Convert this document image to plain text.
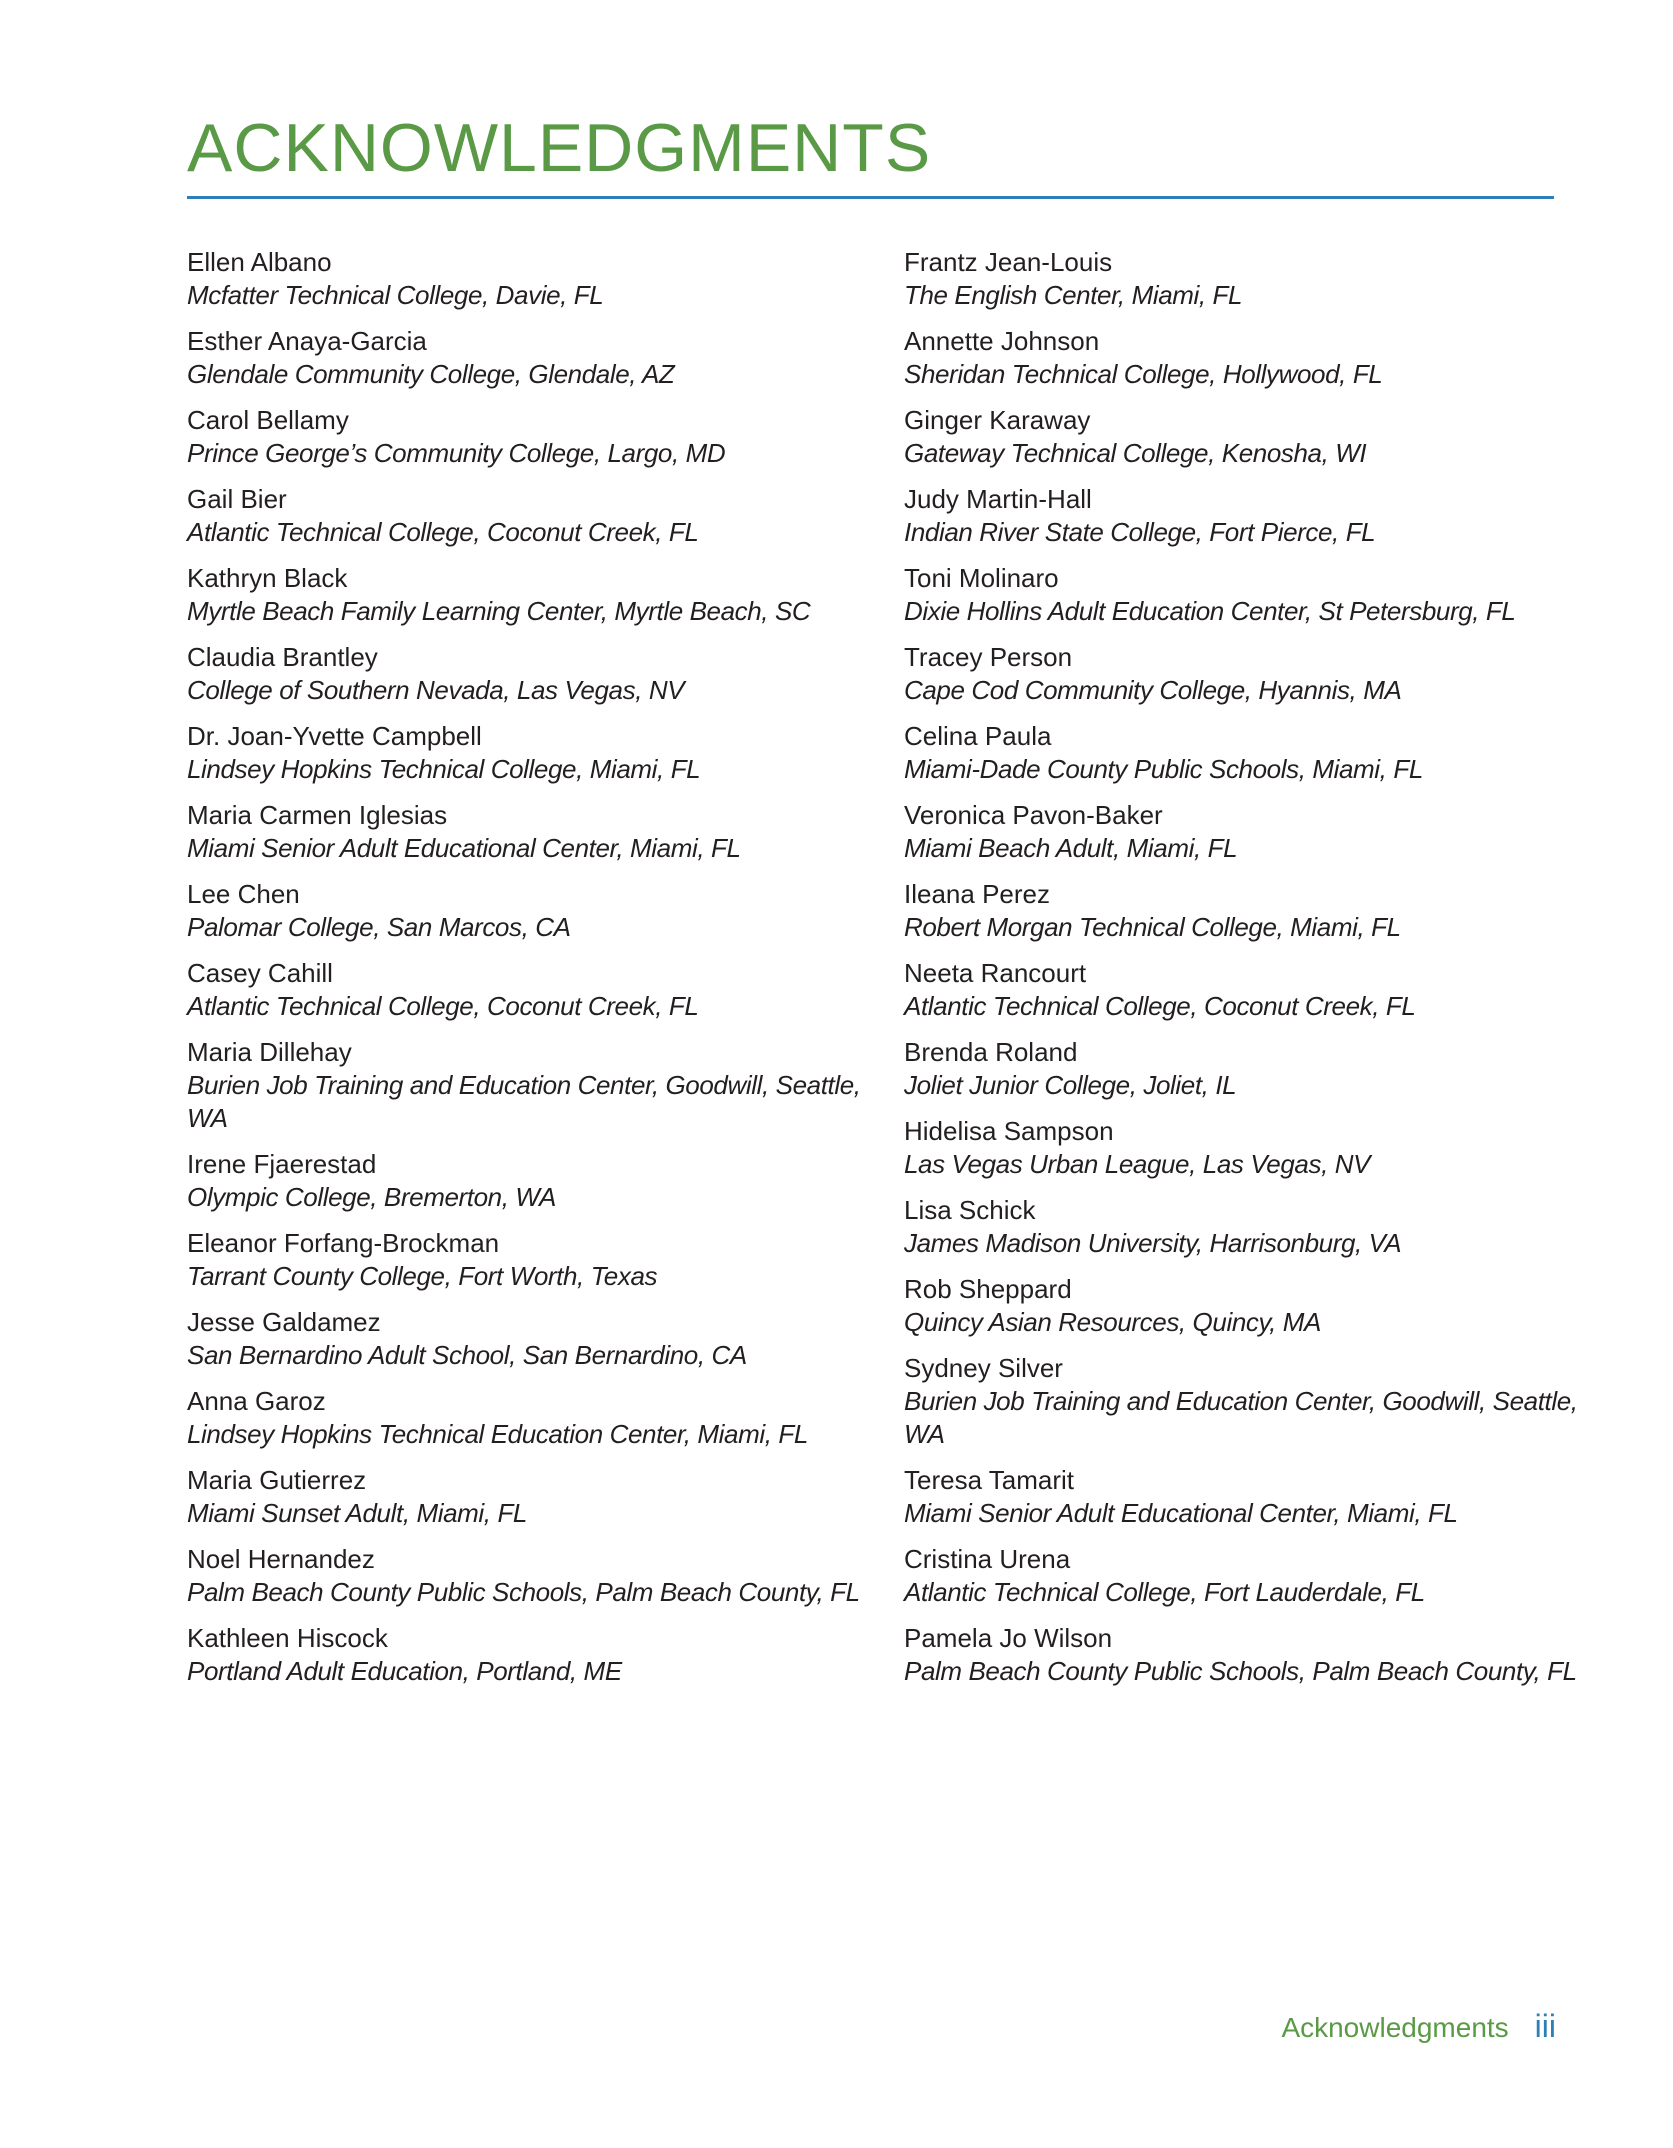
ACKNOWLEDGMENTS
Ellen Albano
Mcfatter Technical College, Davie, FL
Esther Anaya-Garcia
Glendale Community College, Glendale, AZ
Carol Bellamy
Prince George’s Community College, Largo, MD
Gail Bier
Atlantic Technical College, Coconut Creek, FL
Kathryn Black
Myrtle Beach Family Learning Center, Myrtle Beach, SC
Claudia Brantley
College of Southern Nevada, Las Vegas, NV
Dr. Joan-Yvette Campbell
Lindsey Hopkins Technical College, Miami, FL
Maria Carmen Iglesias
Miami Senior Adult Educational Center, Miami, FL
Lee Chen
Palomar College, San Marcos, CA
Casey Cahill
Atlantic Technical College, Coconut Creek, FL
Maria Dillehay
Burien Job Training and Education Center, Goodwill, Seattle, WA
Irene Fjaerestad
Olympic College, Bremerton, WA
Eleanor Forfang-Brockman
Tarrant County College, Fort Worth, Texas
Jesse Galdamez
San Bernardino Adult School, San Bernardino, CA
Anna Garoz
Lindsey Hopkins Technical Education Center, Miami, FL
Maria Gutierrez
Miami Sunset Adult, Miami, FL
Noel Hernandez
Palm Beach County Public Schools, Palm Beach County, FL
Kathleen Hiscock
Portland Adult Education, Portland, ME
Frantz Jean-Louis
The English Center, Miami, FL
Annette Johnson
Sheridan Technical College, Hollywood, FL
Ginger Karaway
Gateway Technical College, Kenosha, WI
Judy Martin-Hall
Indian River State College, Fort Pierce, FL
Toni Molinaro
Dixie Hollins Adult Education Center, St Petersburg, FL
Tracey Person
Cape Cod Community College, Hyannis, MA
Celina Paula
Miami-Dade County Public Schools, Miami, FL
Veronica Pavon-Baker
Miami Beach Adult, Miami, FL
Ileana Perez
Robert Morgan Technical College, Miami, FL
Neeta Rancourt
Atlantic Technical College, Coconut Creek, FL
Brenda Roland
Joliet Junior College, Joliet, IL
Hidelisa Sampson
Las Vegas Urban League, Las Vegas, NV
Lisa Schick
James Madison University, Harrisonburg, VA
Rob Sheppard
Quincy Asian Resources, Quincy, MA
Sydney Silver
Burien Job Training and Education Center, Goodwill, Seattle, WA
Teresa Tamarit
Miami Senior Adult Educational Center, Miami, FL
Cristina Urena
Atlantic Technical College, Fort Lauderdale, FL
Pamela Jo Wilson
Palm Beach County Public Schools, Palm Beach County, FL
Acknowledgments iii
